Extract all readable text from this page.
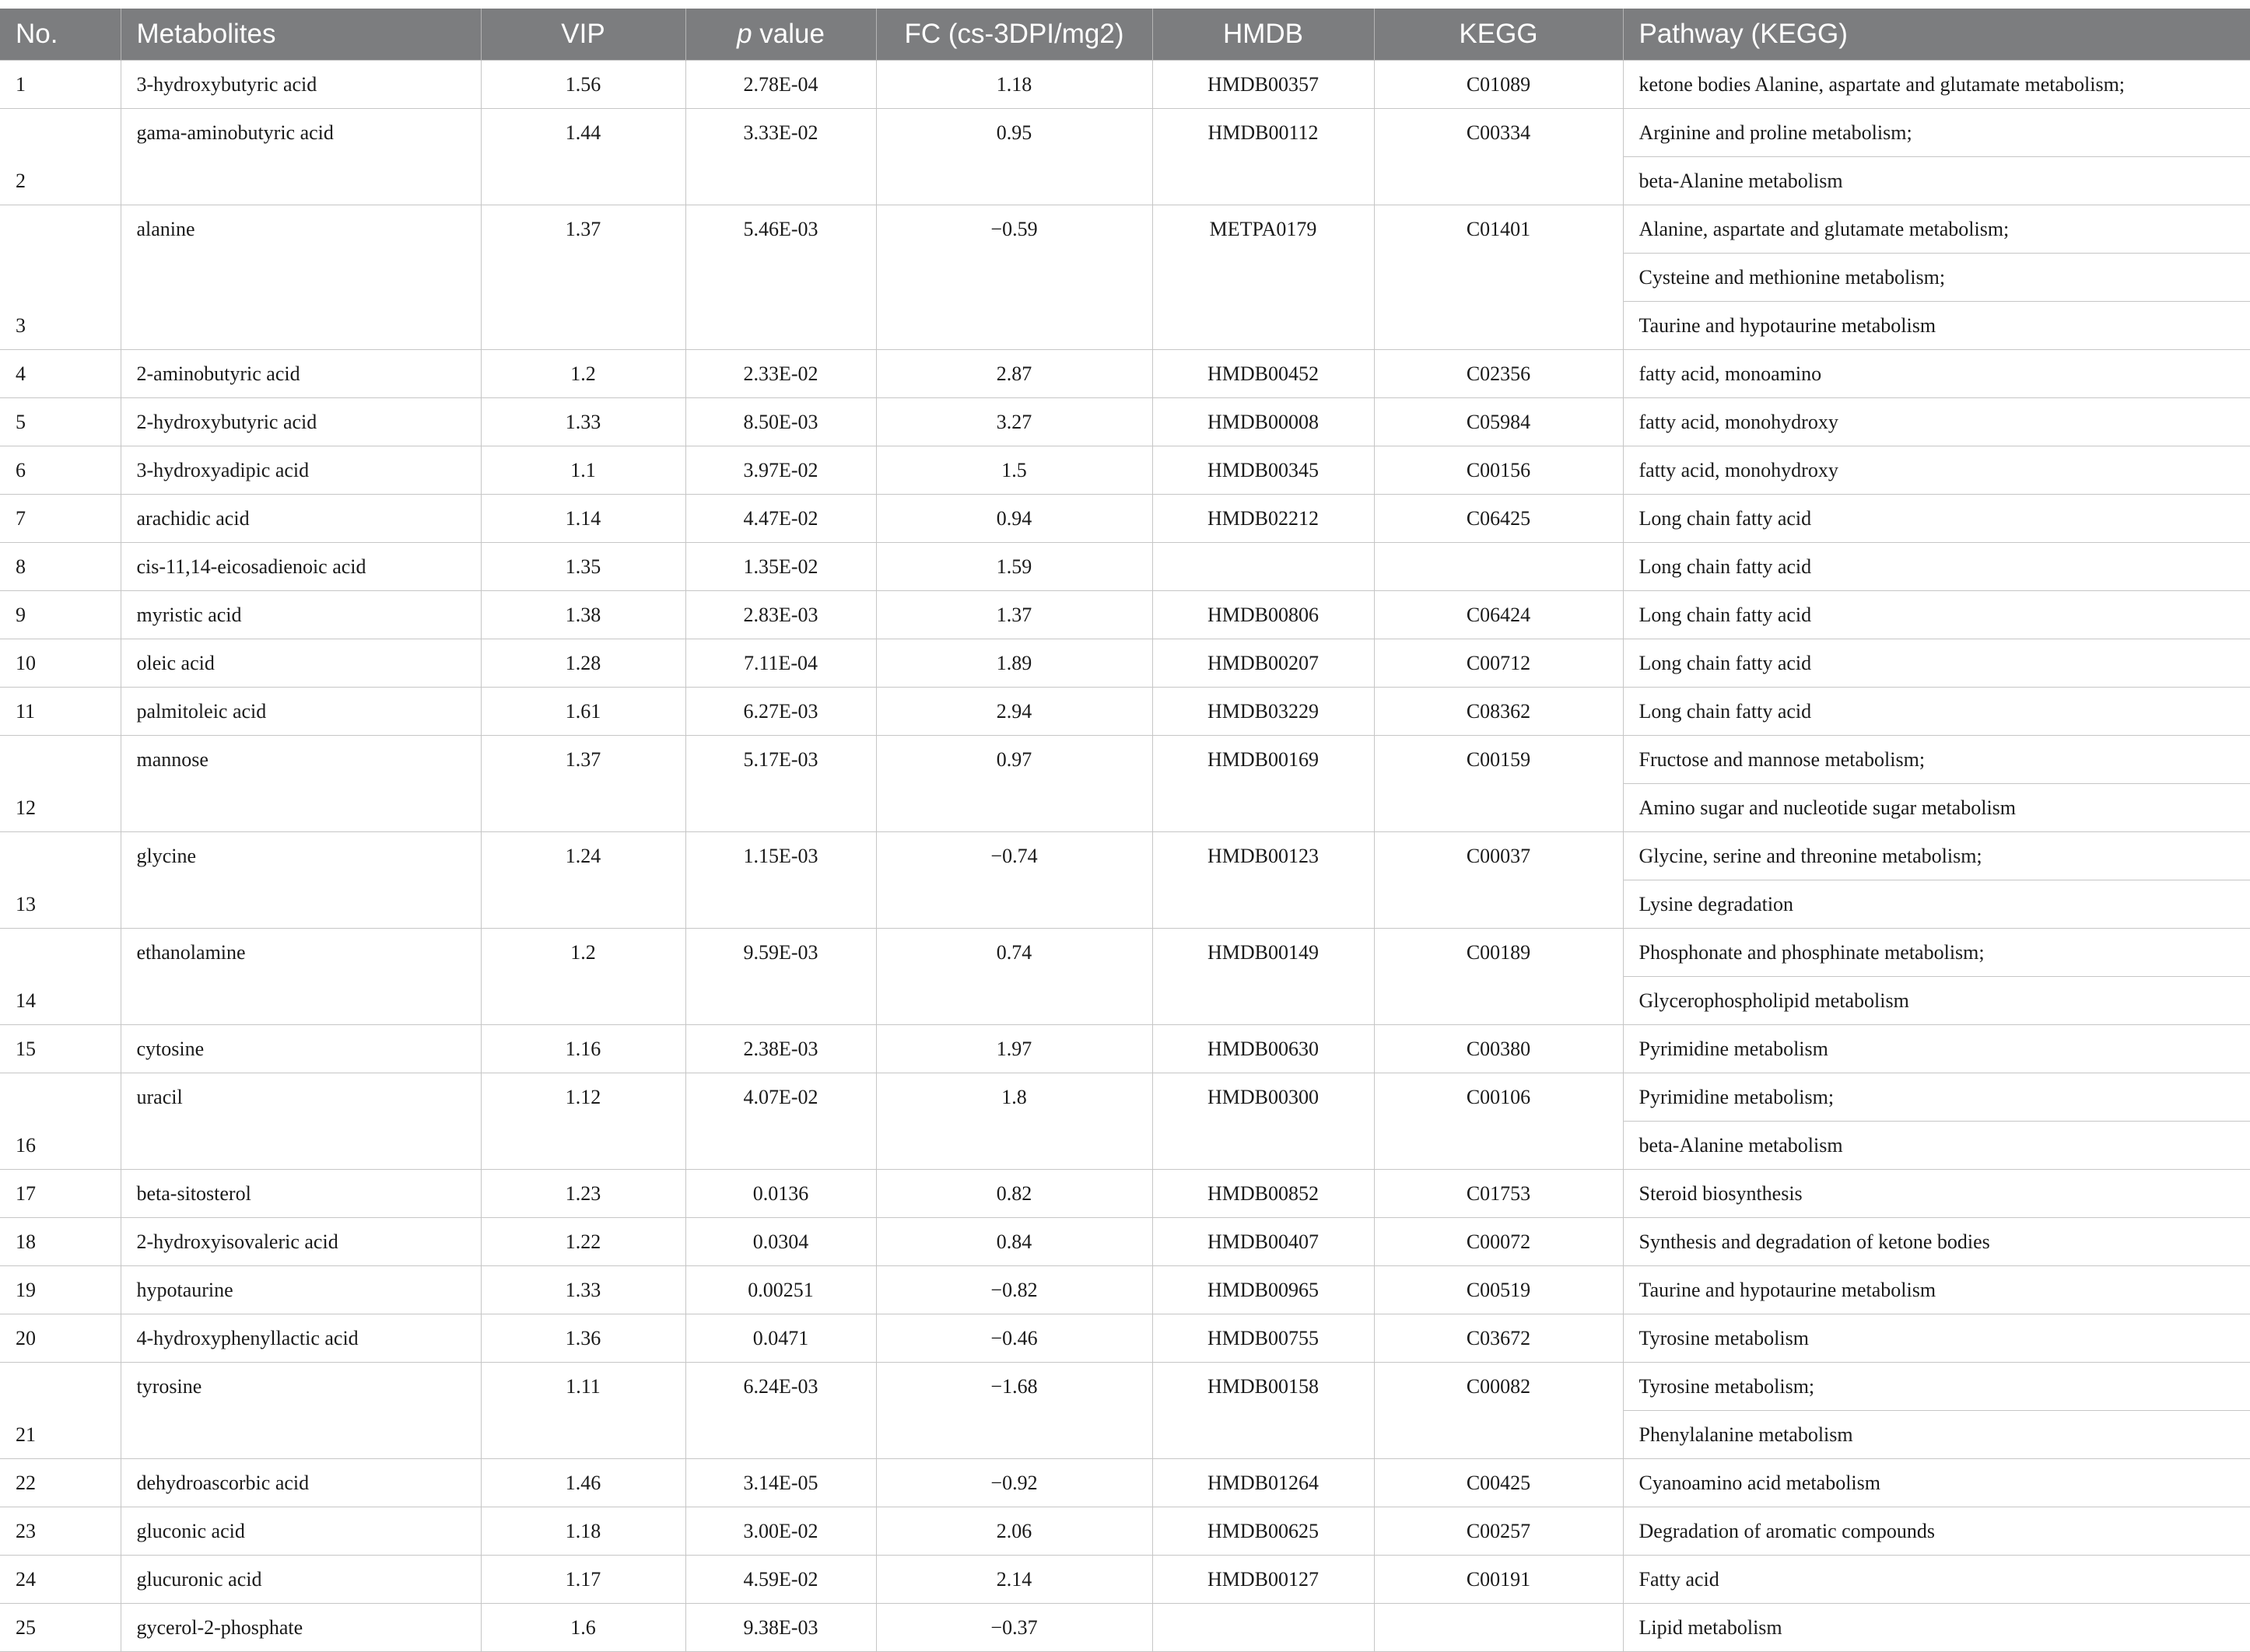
No.	Metabolites	VIP	p value	FC (cs-3DPI/mg2)	HMDB	KEGG	Pathway (KEGG)
1	3-hydroxybutyric acid	1.56	2.78E-04	1.18	HMDB00357	C01089	ketone bodies Alanine, aspartate and glutamate metabolism;

2	gama-aminobutyric acid	1.44	3.33E-02	0.95	HMDB00112	C00334	Arginine and proline metabolism;
beta-Alanine metabolism

3	alanine	1.37	5.46E-03	−0.59	METPA0179	C01401	Alanine, aspartate and glutamate metabolism;
Cysteine and methionine metabolism;
Taurine and hypotaurine metabolism

4	2-aminobutyric acid	1.2	2.33E-02	2.87	HMDB00452	C02356	fatty acid, monoamino

5	2-hydroxybutyric acid	1.33	8.50E-03	3.27	HMDB00008	C05984	fatty acid, monohydroxy

6	3-hydroxyadipic acid	1.1	3.97E-02	1.5	HMDB00345	C00156	fatty acid, monohydroxy

7	arachidic acid	1.14	4.47E-02	0.94	HMDB02212	C06425	Long chain fatty acid

8	cis-11,14-eicosadienoic acid	1.35	1.35E-02	1.59			Long chain fatty acid

9	myristic acid	1.38	2.83E-03	1.37	HMDB00806	C06424	Long chain fatty acid

10	oleic acid	1.28	7.11E-04	1.89	HMDB00207	C00712	Long chain fatty acid

11	palmitoleic acid	1.61	6.27E-03	2.94	HMDB03229	C08362	Long chain fatty acid

12	mannose	1.37	5.17E-03	0.97	HMDB00169	C00159	Fructose and mannose metabolism;
Amino sugar and nucleotide sugar metabolism

13	glycine	1.24	1.15E-03	−0.74	HMDB00123	C00037	Glycine, serine and threonine metabolism;
Lysine degradation

14	ethanolamine	1.2	9.59E-03	0.74	HMDB00149	C00189	Phosphonate and phosphinate metabolism;
Glycerophospholipid metabolism

15	cytosine	1.16	2.38E-03	1.97	HMDB00630	C00380	Pyrimidine metabolism

16	uracil	1.12	4.07E-02	1.8	HMDB00300	C00106	Pyrimidine metabolism;
beta-Alanine metabolism

17	beta-sitosterol	1.23	0.0136	0.82	HMDB00852	C01753	Steroid biosynthesis

18	2-hydroxyisovaleric acid	1.22	0.0304	0.84	HMDB00407	C00072	Synthesis and degradation of ketone bodies

19	hypotaurine	1.33	0.00251	−0.82	HMDB00965	C00519	Taurine and hypotaurine metabolism

20	4-hydroxyphenyllactic acid	1.36	0.0471	−0.46	HMDB00755	C03672	Tyrosine metabolism

21	tyrosine	1.11	6.24E-03	−1.68	HMDB00158	C00082	Tyrosine metabolism;
Phenylalanine metabolism

22	dehydroascorbic acid	1.46	3.14E-05	−0.92	HMDB01264	C00425	Cyanoamino acid metabolism

23	gluconic acid	1.18	3.00E-02	2.06	HMDB00625	C00257	Degradation of aromatic compounds

24	glucuronic acid	1.17	4.59E-02	2.14	HMDB00127	C00191	Fatty acid

25	gycerol-2-phosphate	1.6	9.38E-03	−0.37			Lipid metabolism
